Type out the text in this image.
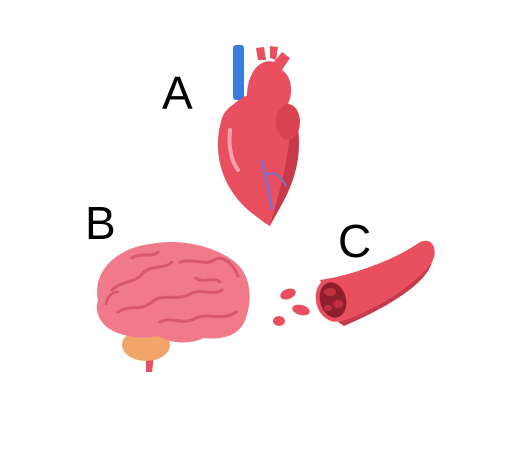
A
B	C
